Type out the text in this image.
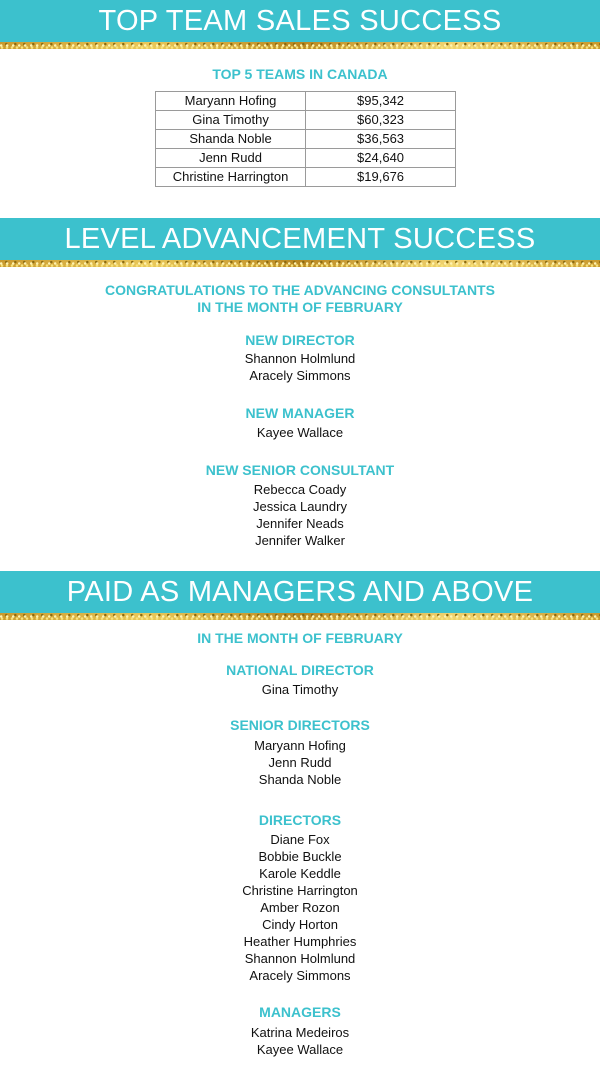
TOP TEAM SALES SUCCESS
TOP 5 TEAMS IN CANADA
Maryann Hofing	$95,342
Gina Timothy	$60,323
Shanda Noble	$36,563
Jenn Rudd	$24,640
Christine Harrington	$19,676
LEVEL ADVANCEMENT SUCCESS
CONGRATULATIONS TO THE ADVANCING CONSULTANTS
IN THE MONTH OF FEBRUARY
NEW DIRECTOR
Shannon Holmlund
Aracely Simmons
NEW MANAGER
Kayee Wallace
NEW SENIOR CONSULTANT
Rebecca Coady
Jessica Laundry
Jennifer Neads
Jennifer Walker
PAID AS MANAGERS AND ABOVE
IN THE MONTH OF FEBRUARY
NATIONAL DIRECTOR
Gina Timothy
SENIOR DIRECTORS
Maryann Hofing
Jenn Rudd
Shanda Noble
DIRECTORS
Diane Fox
Bobbie Buckle
Karole Keddle
Christine Harrington
Amber Rozon
Cindy Horton
Heather Humphries
Shannon Holmlund
Aracely Simmons
MANAGERS
Katrina Medeiros
Kayee Wallace
